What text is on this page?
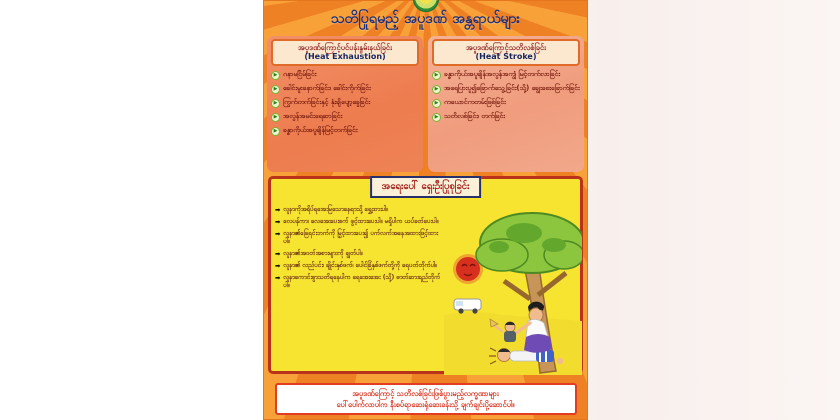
သတိပြုရမည့် အပူဒဏ် အန္တရာယ်များ
အပူဒဏ်ကြောင့်ပင်ပန်းနွမ်းနယ်ခြင်း
(Heat Exhaustion)
▶ ဂနာမငြိမ်ခြင်း
▶ ခေါင်းမူးနောက်ခြင်း၊ ခေါင်းကိုက်ခြင်း
▶ ကြွက်တက်ခြင်းနှင့် နုံးချိပျော့ခွေခြင်း
▶ အလွန်အမင်းရေဆာခြင်း
▶ ခန္ဓာကိုယ်အပူချိန်မြင့်တက်ခြင်း
အပူဒဏ်ကြောင့်သတိလစ်ခြင်း
(Heat Stroke)
▶ ခန္ဓာကိုယ်အပူချိန်အလွန်အကျွံ မြင့်တက်လာခြင်း
▶ အရေပြားပူ၍ခြောက်သွေ့ခြင်း(သို့) ချွေးစေးခြောက်ခြင်း
▶ ကယောင်ကတမ်းဖြစ်ခြင်း
▶ သတိလစ်ခြင်း၊ တက်ခြင်း
အရေးပေါ် ရှေးဦးပြုစုခြင်း
➡ လူနာကိုအရိပ်ရအေးမြသောနေရာသို့ ရွှေ့ထားပါ။
➡ လေပန်ကာ၊ လေအေးပေးစက် ဖွင့်ထားပေးပါ။ မရှိပါက ယပ်ခတ်ပေးပါ။
➡ လူနာ၏ခြေရင်းဘက်ကို မြှင့်ထားပေး၍ ပက်လက်အနေအထားဖြင့်ထားပါ။
➡ လူနာ၏အဝတ်အစားများကို ချွတ်ပါ။
➡ လူနာ၏ လည်ပင်း၊ ချိုင်းနှစ်ဖက်၊ ပေါင်ခြံနှစ်ဖက်တို့ကို ရေပတ်တိုက်ပါ။
➡ လူနာကောင်းစွာသတိရနေပါက ရေအေးအေး (သို့) ဓာတ်ဆားရည်တိုက်ပါ။
အပူဒဏ်ကြောင့် သတိလစ်ခြင်းဖြစ်ပွားမည့်လက္ခဏာများ
ပေါ်ပေါက်လာပါက နီးစပ်ရာဆေးရုံဆေးခန်းသို့ ချက်ချင်းပို့ဆောင်ပါ။
